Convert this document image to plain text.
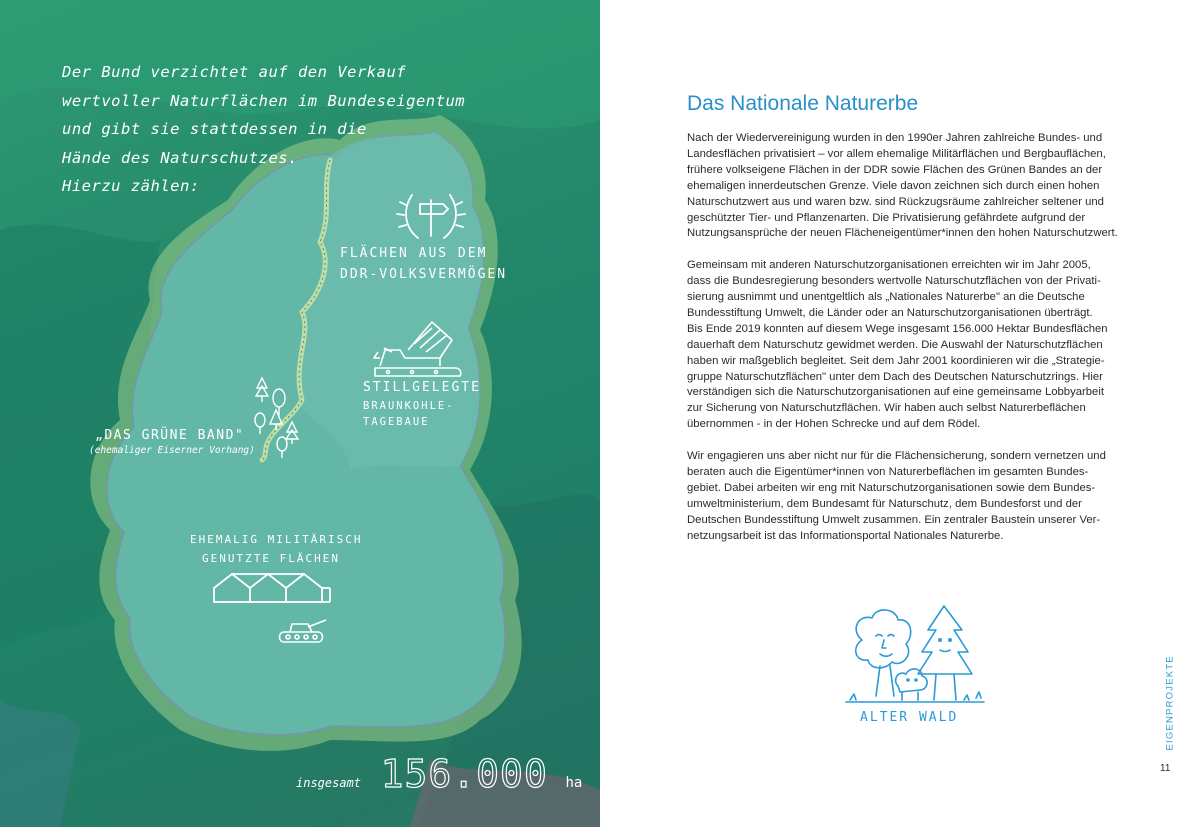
Der Bund verzichtet auf den Verkauf
wertvoller Naturflächen im Bundeseigentum
und gibt sie stattdessen in die
Hände des Naturschutzes.
Hierzu zählen:
FLÄCHEN AUS DEM
DDR-VOLKSVERMÖGEN
STILLGELEGTE
BRAUNKOHLE-
TAGEBAUE
„DAS GRÜNE BAND"
(ehemaliger Eiserner Vorhang)
EHEMALIG MILITÄRISCH
GENUTZTE FLÄCHEN
insgesamt 156.000 ha
Das Nationale Naturerbe

Nach der Wiedervereinigung wurden in den 1990er Jahren zahlreiche Bundes- und
Landesflächen privatisiert – vor allem ehemalige Militärflächen und Bergbauflächen,
frühere volkseigene Flächen in der DDR sowie Flächen des Grünen Bandes an der
ehemaligen innerdeutschen Grenze. Viele davon zeichnen sich durch einen hohen
Naturschutzwert aus und waren bzw. sind Rückzugsräume zahlreicher seltener und
geschützter Tier- und Pflanzenarten. Die Privatisierung gefährdete aufgrund der
Nutzungsansprüche der neuen Flächeneigentümer*innen den hohen Naturschutzwert.

Gemeinsam mit anderen Naturschutzorganisationen erreichten wir im Jahr 2005,
dass die Bundesregierung besonders wertvolle Naturschutzflächen von der Privati-
sierung ausnimmt und unentgeltlich als „Nationales Naturerbe" an die Deutsche
Bundesstiftung Umwelt, die Länder oder an Naturschutzorganisationen überträgt.
Bis Ende 2019 konnten auf diesem Wege insgesamt 156.000 Hektar Bundesflächen
dauerhaft dem Naturschutz gewidmet werden. Die Auswahl der Naturschutzflächen
haben wir maßgeblich begleitet. Seit dem Jahr 2001 koordinieren wir die „Strategie-
gruppe Naturschutzflächen" unter dem Dach des Deutschen Naturschutzrings. Hier
verständigen sich die Naturschutzorganisationen auf eine gemeinsame Lobbyarbeit
zur Sicherung von Naturschutzflächen. Wir haben auch selbst Naturerbeflächen
übernommen - in der Hohen Schrecke und auf dem Rödel.

Wir engagieren uns aber nicht nur für die Flächensicherung, sondern vernetzen und
beraten auch die Eigentümer*innen von Naturerbeflächen im gesamten Bundes-
gebiet. Dabei arbeiten wir eng mit Naturschutzorganisationen sowie dem Bundes-
umweltministerium, dem Bundesamt für Naturschutz, dem Bundesforst und der
Deutschen Bundesstiftung Umwelt zusammen. Ein zentraler Baustein unserer Ver-
netzungsarbeit ist das Informationsportal Nationales Naturerbe.

ALTER WALD	EIGENPROJEKTE
11
